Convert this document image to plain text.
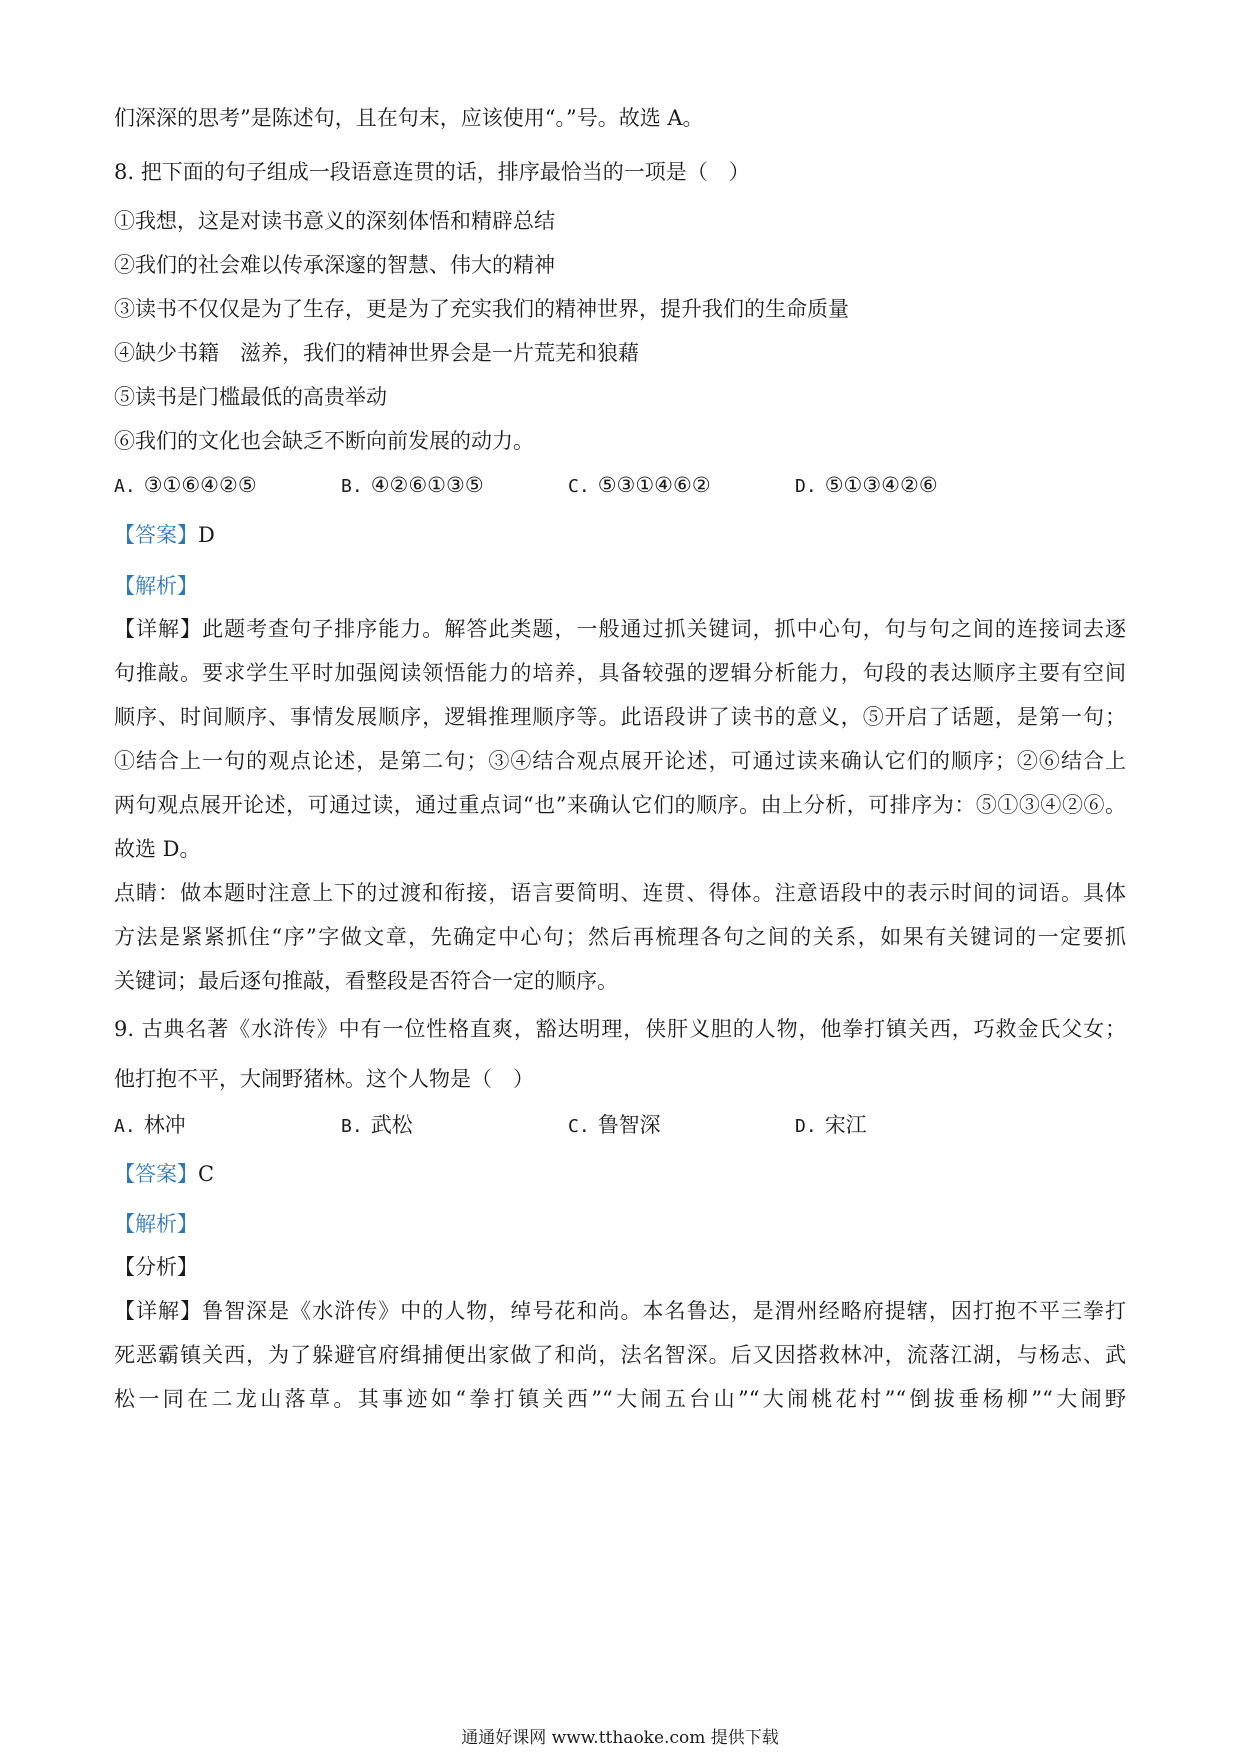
们深深的思考”是陈述句，且在句末，应该使用“。”号。故选 A。
8. 把下面的句子组成一段语意连贯的话，排序最恰当的一项是（　）
①我想，这是对读书意义的深刻体悟和精辟总结
②我们的社会难以传承深邃的智慧、伟大的精神
③读书不仅仅是为了生存，更是为了充实我们的精神世界，提升我们的生命质量
④缺少书籍　滋养，我们的精神世界会是一片荒芜和狼藉
⑤读书是门槛最低的高贵举动
⑥我们的文化也会缺乏不断向前发展的动力。
A. ③①⑥④②⑤	B. ④②⑥①③⑤	C. ⑤③①④⑥②	D. ⑤①③④②⑥
【答案】D
【解析】
【详解】此题考查句子排序能力。解答此类题，一般通过抓关键词，抓中心句，句与句之间的连接词去逐
句推敲。要求学生平时加强阅读领悟能力的培养，具备较强的逻辑分析能力，句段的表达顺序主要有空间
顺序、时间顺序、事情发展顺序，逻辑推理顺序等。此语段讲了读书的意义，⑤开启了话题，是第一句；
①结合上一句的观点论述，是第二句；③④结合观点展开论述，可通过读来确认它们的顺序；②⑥结合上
两句观点展开论述，可通过读，通过重点词“也”来确认它们的顺序。由上分析，可排序为：⑤①③④②⑥。
故选 D。
点睛：做本题时注意上下的过渡和衔接，语言要简明、连贯、得体。注意语段中的表示时间的词语。具体
方法是紧紧抓住“序”字做文章，先确定中心句；然后再梳理各句之间的关系，如果有关键词的一定要抓
关键词；最后逐句推敲，看整段是否符合一定的顺序。
9. 古典名著《水浒传》中有一位性格直爽，豁达明理，侠肝义胆的人物，他拳打镇关西，巧救金氏父女；
他打抱不平，大闹野猪林。这个人物是（　）
A. 林冲	B. 武松	C. 鲁智深	D. 宋江
【答案】C
【解析】
【分析】
【详解】鲁智深是《水浒传》中的人物，绰号花和尚。本名鲁达，是渭州经略府提辖，因打抱不平三拳打
死恶霸镇关西，为了躲避官府缉捕便出家做了和尚，法名智深。后又因搭救林冲，流落江湖，与杨志、武
松一同在二龙山落草。其事迹如“拳打镇关西”“大闹五台山”“大闹桃花村”“倒拔垂杨柳”“大闹野
通通好课网 www.tthaoke.com 提供下载
